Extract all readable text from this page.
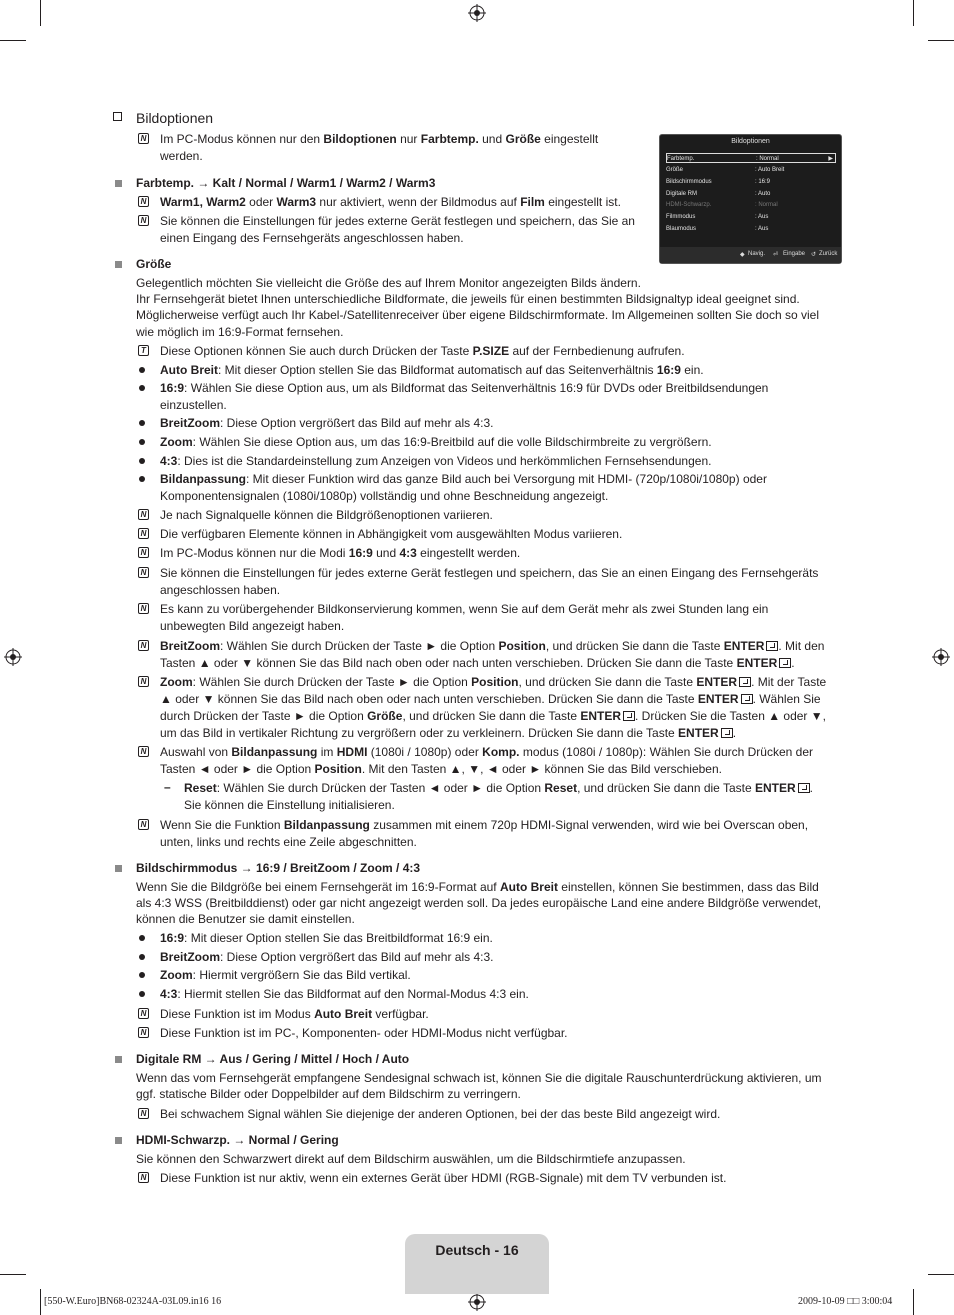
Bildoptionen
N Im PC-Modus können nur den Bildoptionen nur Farbtemp. und Größe eingestellt
werden.
Bildoptionen
Farbtemp.	: Normal	▶
Größe	: Auto Breit
Bildschirmmodus	: 16:9
Digitale RM	: Auto
HDMI-Schwarzp.	: Normal
Filmmodus	: Aus
Blaumodus	: Aus
◆ Navig. ⏎ Eingabe ↺ Zurück
Farbtemp. → Kalt / Normal / Warm1 / Warm2 / Warm3
N Warm1, Warm2 oder Warm3 nur aktiviert, wenn der Bildmodus auf Film eingestellt ist.
N Sie können die Einstellungen für jedes externe Gerät festlegen und speichern, das Sie an
einen Eingang des Fernsehgeräts angeschlossen haben.
Größe
Gelegentlich möchten Sie vielleicht die Größe des auf Ihrem Monitor angezeigten Bilds ändern.
Ihr Fernsehgerät bietet Ihnen unterschiedliche Bildformate, die jeweils für einen bestimmten Bildsignaltyp ideal geeignet sind.
Möglicherweise verfügt auch Ihr Kabel-/Satellitenreceiver über eigene Bildschirmformate. Im Allgemeinen sollten Sie doch so viel
wie möglich im 16:9-Format fernsehen.
T Diese Optionen können Sie auch durch Drücken der Taste P.SIZE auf der Fernbedienung aufrufen.
Auto Breit: Mit dieser Option stellen Sie das Bildformat automatisch auf das Seitenverhältnis 16:9 ein.
16:9: Wählen Sie diese Option aus, um als Bildformat das Seitenverhältnis 16:9 für DVDs oder Breitbildsendungen
einzustellen.
BreitZoom: Diese Option vergrößert das Bild auf mehr als 4:3.
Zoom: Wählen Sie diese Option aus, um das 16:9-Breitbild auf die volle Bildschirmbreite zu vergrößern.
4:3: Dies ist die Standardeinstellung zum Anzeigen von Videos und herkömmlichen Fernsehsendungen.
Bildanpassung: Mit dieser Funktion wird das ganze Bild auch bei Versorgung mit HDMI- (720p/1080i/1080p) oder
Komponentensignalen (1080i/1080p) vollständig und ohne Beschneidung angezeigt.
N Je nach Signalquelle können die Bildgrößenoptionen variieren.
N Die verfügbaren Elemente können in Abhängigkeit vom ausgewählten Modus variieren.
N Im PC-Modus können nur die Modi 16:9 und 4:3 eingestellt werden.
N Sie können die Einstellungen für jedes externe Gerät festlegen und speichern, das Sie an einen Eingang des Fernsehgeräts
angeschlossen haben.
N Es kann zu vorübergehender Bildkonservierung kommen, wenn Sie auf dem Gerät mehr als zwei Stunden lang ein
unbewegten Bild angezeigt haben.
N BreitZoom: Wählen Sie durch Drücken der Taste ► die Option Position, und drücken Sie dann die Taste ENTER . Mit den
Tasten ▲ oder ▼ können Sie das Bild nach oben oder nach unten verschieben. Drücken Sie dann die Taste ENTER .
N Zoom: Wählen Sie durch Drücken der Taste ► die Option Position, und drücken Sie dann die Taste ENTER . Mit der Taste
▲ oder ▼ können Sie das Bild nach oben oder nach unten verschieben. Drücken Sie dann die Taste ENTER . Wählen Sie
durch Drücken der Taste ► die Option Größe, und drücken Sie dann die Taste ENTER . Drücken Sie die Tasten ▲ oder ▼,
um das Bild in vertikaler Richtung zu vergrößern oder zu verkleinern. Drücken Sie dann die Taste ENTER .
N Auswahl von Bildanpassung im HDMI (1080i / 1080p) oder Komp. modus (1080i / 1080p): Wählen Sie durch Drücken der
Tasten ◄ oder ► die Option Position. Mit den Tasten ▲, ▼, ◄ oder ► können Sie das Bild verschieben.
– Reset: Wählen Sie durch Drücken der Tasten ◄ oder ► die Option Reset, und drücken Sie dann die Taste ENTER .
Sie können die Einstellung initialisieren.
N Wenn Sie die Funktion Bildanpassung zusammen mit einem 720p HDMI-Signal verwenden, wird wie bei Overscan oben,
unten, links und rechts eine Zeile abgeschnitten.
Bildschirmmodus → 16:9 / BreitZoom / Zoom / 4:3
Wenn Sie die Bildgröße bei einem Fernsehgerät im 16:9-Format auf Auto Breit einstellen, können Sie bestimmen, dass das Bild
als 4:3 WSS (Breitbilddienst) oder gar nicht angezeigt werden soll. Da jedes europäische Land eine andere Bildgröße verwendet,
können die Benutzer sie damit einstellen.
16:9: Mit dieser Option stellen Sie das Breitbildformat 16:9 ein.
BreitZoom: Diese Option vergrößert das Bild auf mehr als 4:3.
Zoom: Hiermit vergrößern Sie das Bild vertikal.
4:3: Hiermit stellen Sie das Bildformat auf den Normal-Modus 4:3 ein.
N Diese Funktion ist im Modus Auto Breit verfügbar.
N Diese Funktion ist im PC-, Komponenten- oder HDMI-Modus nicht verfügbar.
Digitale RM → Aus / Gering / Mittel / Hoch / Auto
Wenn das vom Fernsehgerät empfangene Sendesignal schwach ist, können Sie die digitale Rauschunterdrückung aktivieren, um
ggf. statische Bilder oder Doppelbilder auf dem Bildschirm zu verringern.
N Bei schwachem Signal wählen Sie diejenige der anderen Optionen, bei der das beste Bild angezeigt wird.
HDMI-Schwarzp. → Normal / Gering
Sie können den Schwarzwert direkt auf dem Bildschirm auswählen, um die Bildschirmtiefe anzupassen.
N Diese Funktion ist nur aktiv, wenn ein externes Gerät über HDMI (RGB-Signale) mit dem TV verbunden ist.
Deutsch - 16
[550-W.Euro]BN68-02324A-03L09.in16 16	2009-10-09 □□ 3:00:04
